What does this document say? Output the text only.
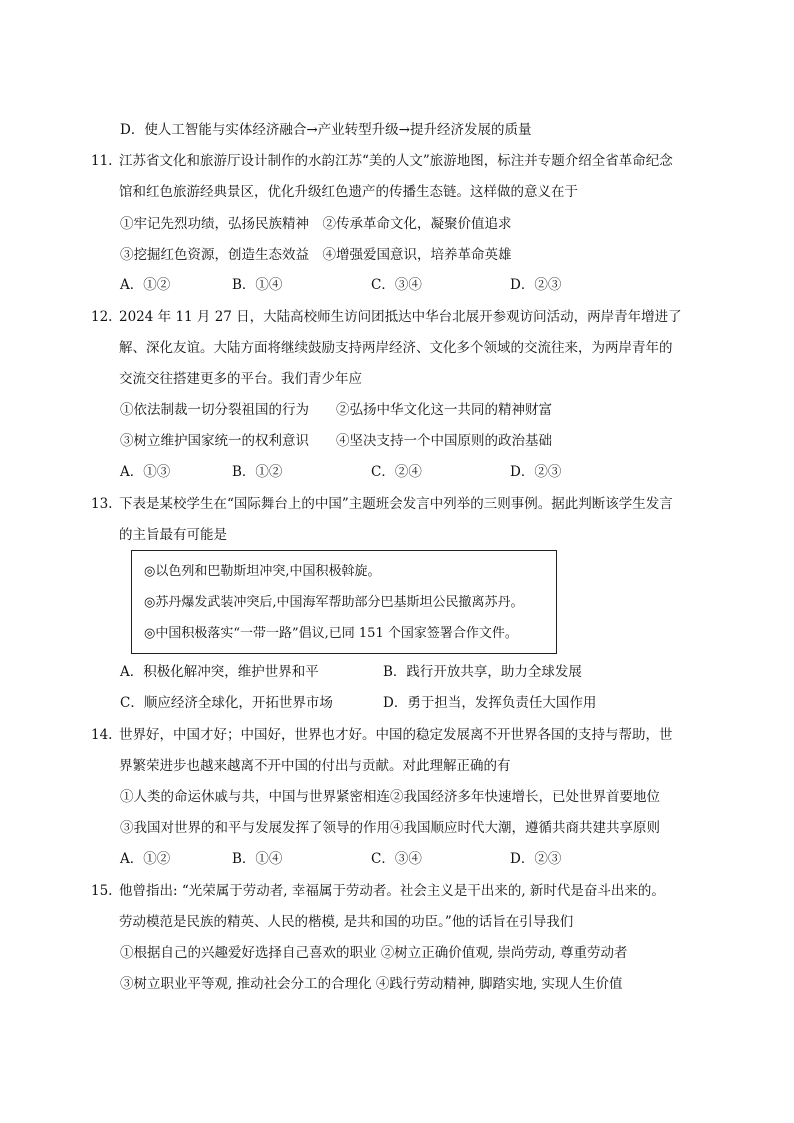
D．使人工智能与实体经济融合→产业转型升级→提升经济发展的质量
11. 江苏省文化和旅游厅设计制作的水韵江苏“美的人文”旅游地图，标注并专题介绍全省革命纪念
馆和红色旅游经典景区，优化升级红色遗产的传播生态链。这样做的意义在于
①牢记先烈功绩，弘扬民族精神　②传承革命文化，凝聚价值追求
③挖掘红色资源，创造生态效益　④增强爱国意识，培养革命英雄
A．①②	B．①④	C．③④	D．②③
12. 2024 年 11 月 27 日，大陆高校师生访问团抵达中华台北展开参观访问活动，两岸青年增进了
解、深化友谊。大陆方面将继续鼓励支持两岸经济、文化多个领域的交流往来，为两岸青年的
交流交往搭建更多的平台。我们青少年应
①依法制裁一切分裂祖国的行为　　②弘扬中华文化这一共同的精神财富
③树立维护国家统一的权利意识　　④坚决支持一个中国原则的政治基础
A．①③	B．①②	C．②④	D．②③
13. 下表是某校学生在“国际舞台上的中国”主题班会发言中列举的三则事例。据此判断该学生发言
的主旨最有可能是
◎以色列和巴勒斯坦冲突,中国积极斡旋。
◎苏丹爆发武装冲突后,中国海军帮助部分巴基斯坦公民撤离苏丹。
◎中国积极落实“一带一路”倡议,已同 151 个国家签署合作文件。
A．积极化解冲突，维护世界和平	B．践行开放共享，助力全球发展
C．顺应经济全球化，开拓世界市场	D．勇于担当，发挥负责任大国作用
14. 世界好，中国才好；中国好，世界也才好。中国的稳定发展离不开世界各国的支持与帮助，世
界繁荣进步也越来越离不开中国的付出与贡献。对此理解正确的有
①人类的命运休戚与共，中国与世界紧密相连②我国经济多年快速增长，已处世界首要地位
③我国对世界的和平与发展发挥了领导的作用④我国顺应时代大潮，遵循共商共建共享原则
A．①②	B．①④	C．③④	D．②③
15. 他曾指出: “光荣属于劳动者, 幸福属于劳动者。社会主义是干出来的, 新时代是奋斗出来的。
劳动模范是民族的精英、人民的楷模, 是共和国的功臣。”他的话旨在引导我们
①根据自己的兴趣爱好选择自己喜欢的职业 ②树立正确价值观, 崇尚劳动, 尊重劳动者
③树立职业平等观, 推动社会分工的合理化 ④践行劳动精神, 脚踏实地, 实现人生价值
